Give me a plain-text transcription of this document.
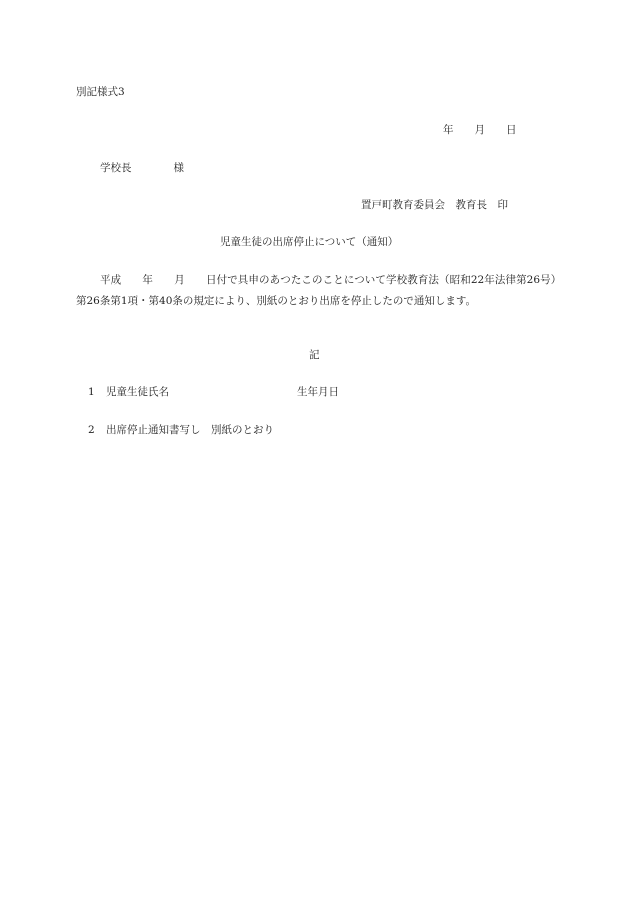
別記様式3
年　　月　　日
学校長　　　　様
置戸町教育委員会　教育長　印
児童生徒の出席停止について（通知）
平成　　年　　月　　日付で具申のあつたこのことについて学校教育法（昭和22年法律第26号）第26条第1項・第40条の規定により、別紙のとおり出席を停止したので通知します。
記
1 児童生徒氏名	生年月日
2 出席停止通知書写し　別紙のとおり
